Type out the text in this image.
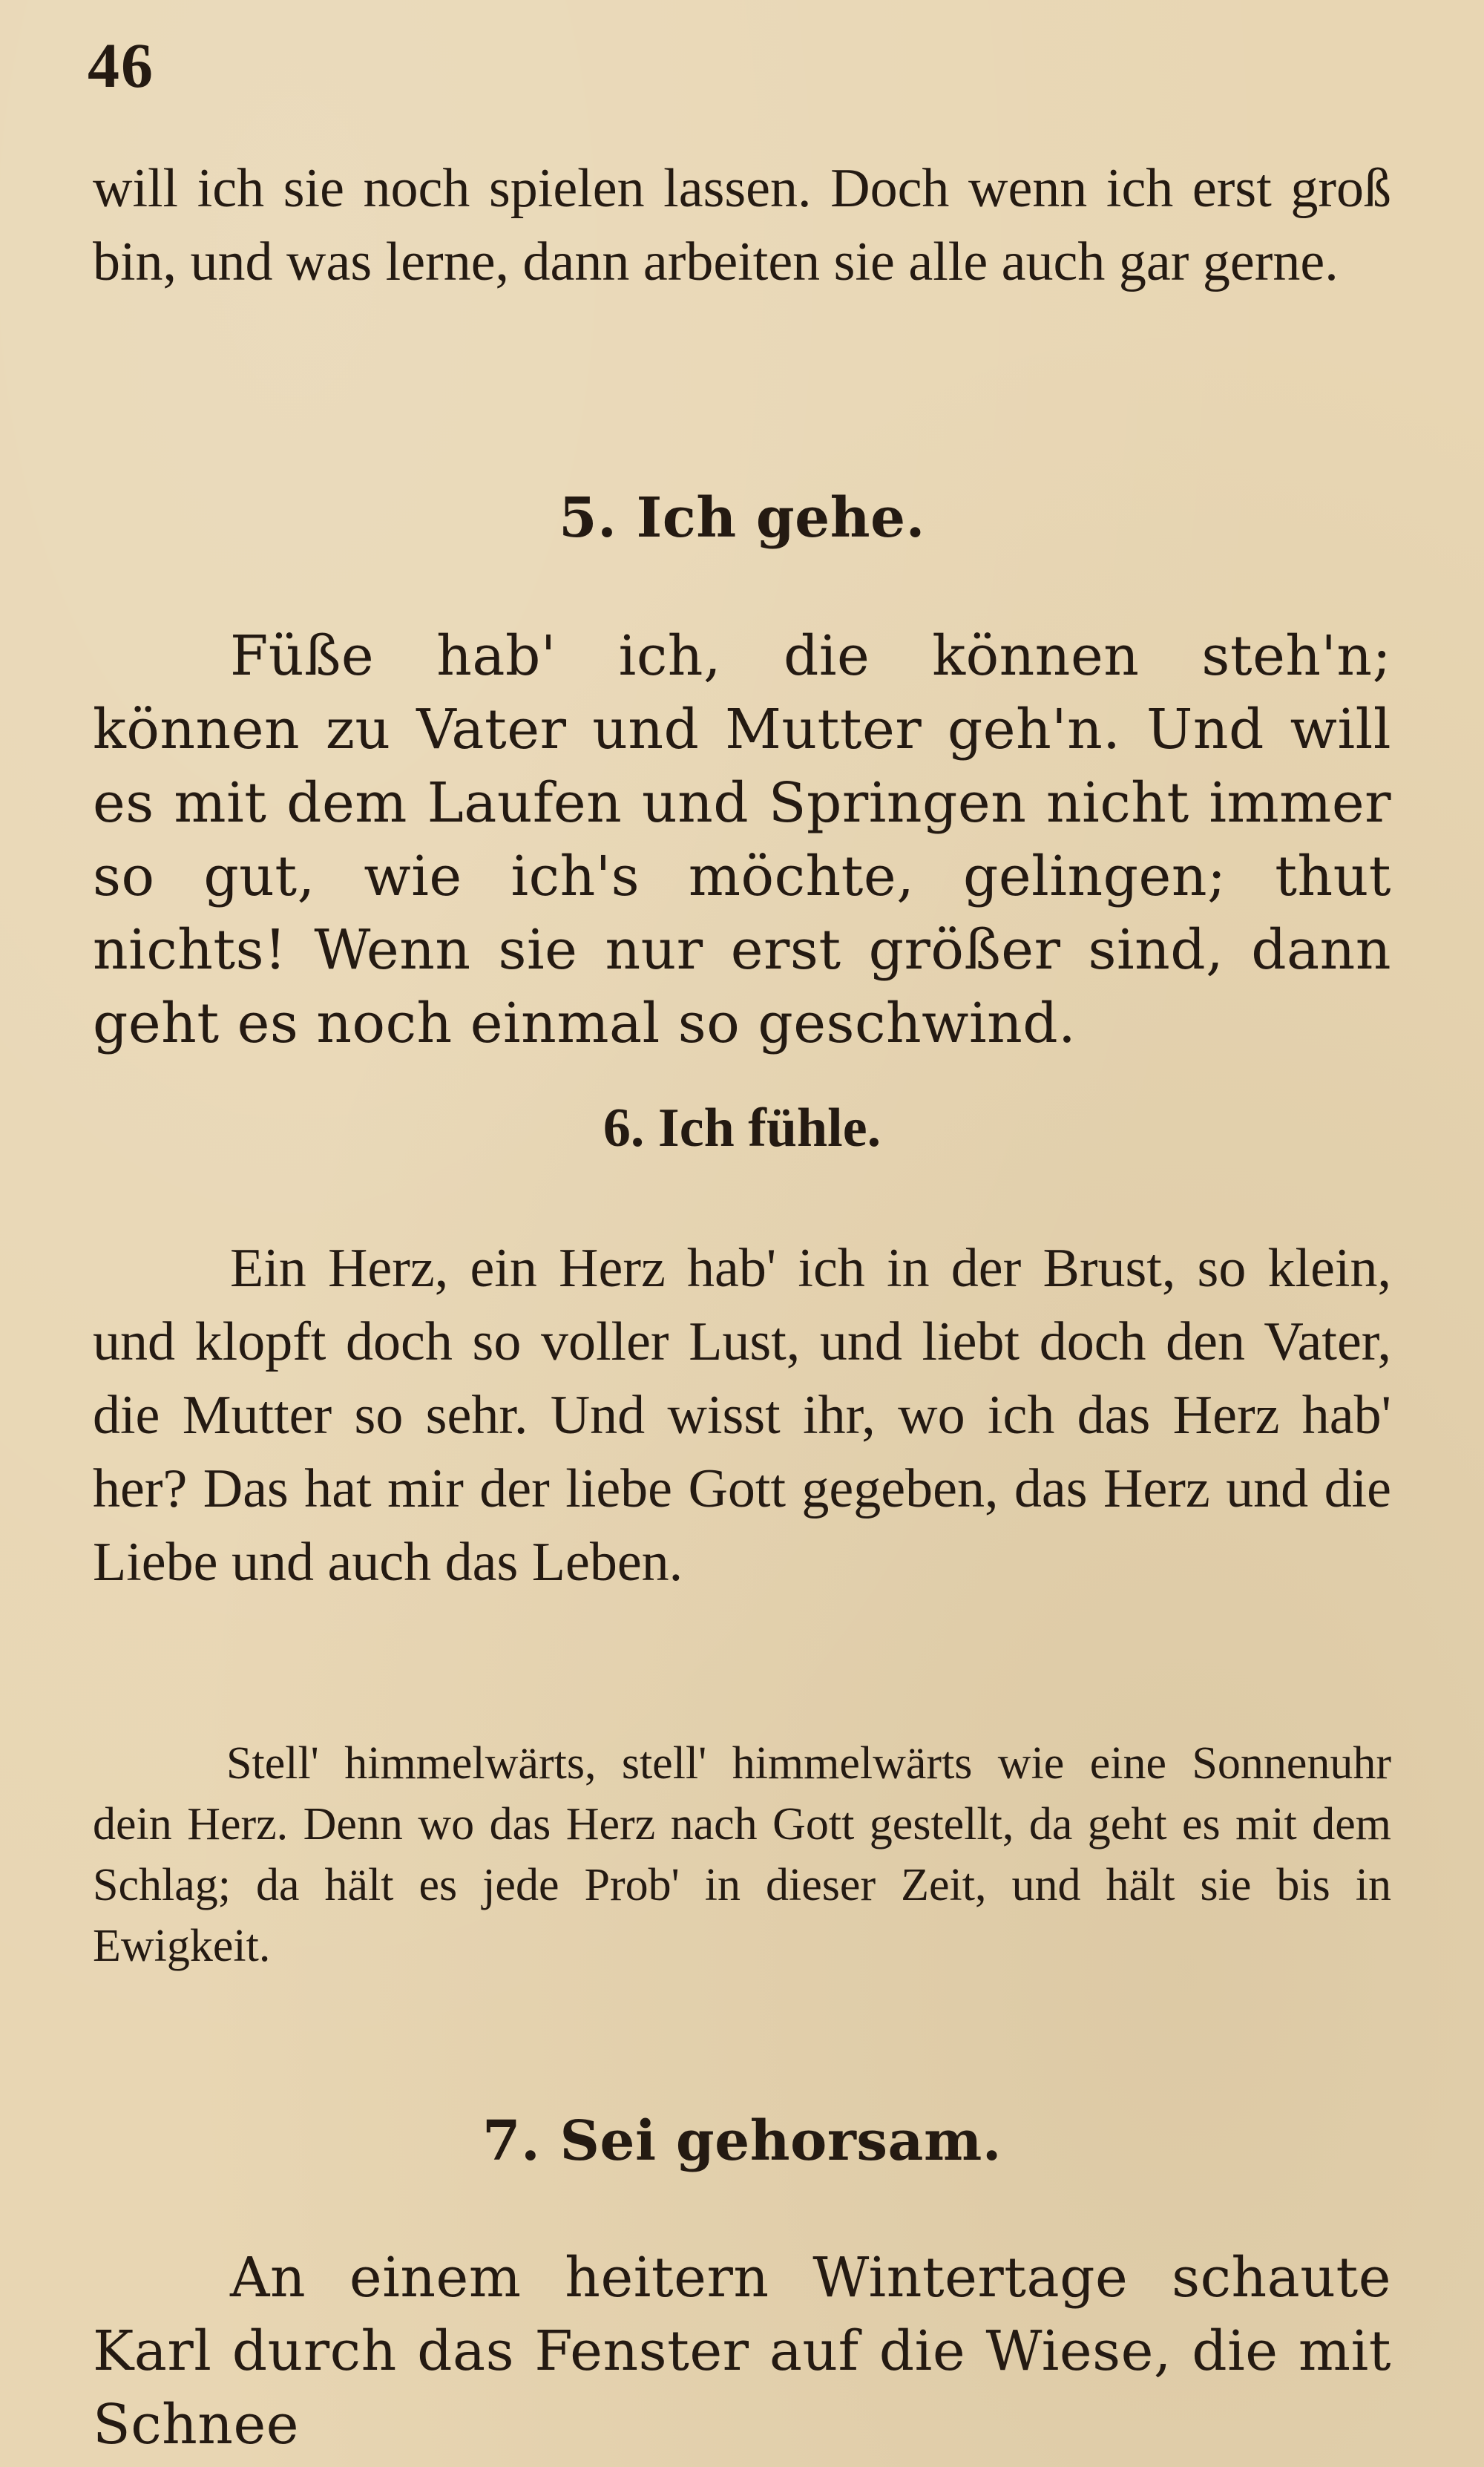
46

will ich sie noch spielen lassen. Doch wenn ich erst groß bin, und was lerne, dann arbeiten sie alle auch gar gerne.

5. Ich gehe.

Füße hab' ich, die können steh'n; können zu Vater und Mutter geh'n. Und will es mit dem Laufen und Springen nicht immer so gut, wie ich's möchte, gelingen; thut nichts! Wenn sie nur erst größer sind, dann geht es noch einmal so geschwind.

6. Ich fühle.

Ein Herz, ein Herz hab' ich in der Brust, so klein, und klopft doch so voller Lust, und liebt doch den Vater, die Mutter so sehr. Und wisst ihr, wo ich das Herz hab' her? Das hat mir der liebe Gott gegeben, das Herz und die Liebe und auch das Leben.

Stell' himmelwärts, stell' himmelwärts wie eine Sonnenuhr dein Herz. Denn wo das Herz nach Gott gestellt, da geht es mit dem Schlag; da hält es jede Prob' in dieser Zeit, und hält sie bis in Ewigkeit.

7. Sei gehorsam.

An einem heitern Wintertage schaute Karl durch das Fenster auf die Wiese, die mit Schnee
